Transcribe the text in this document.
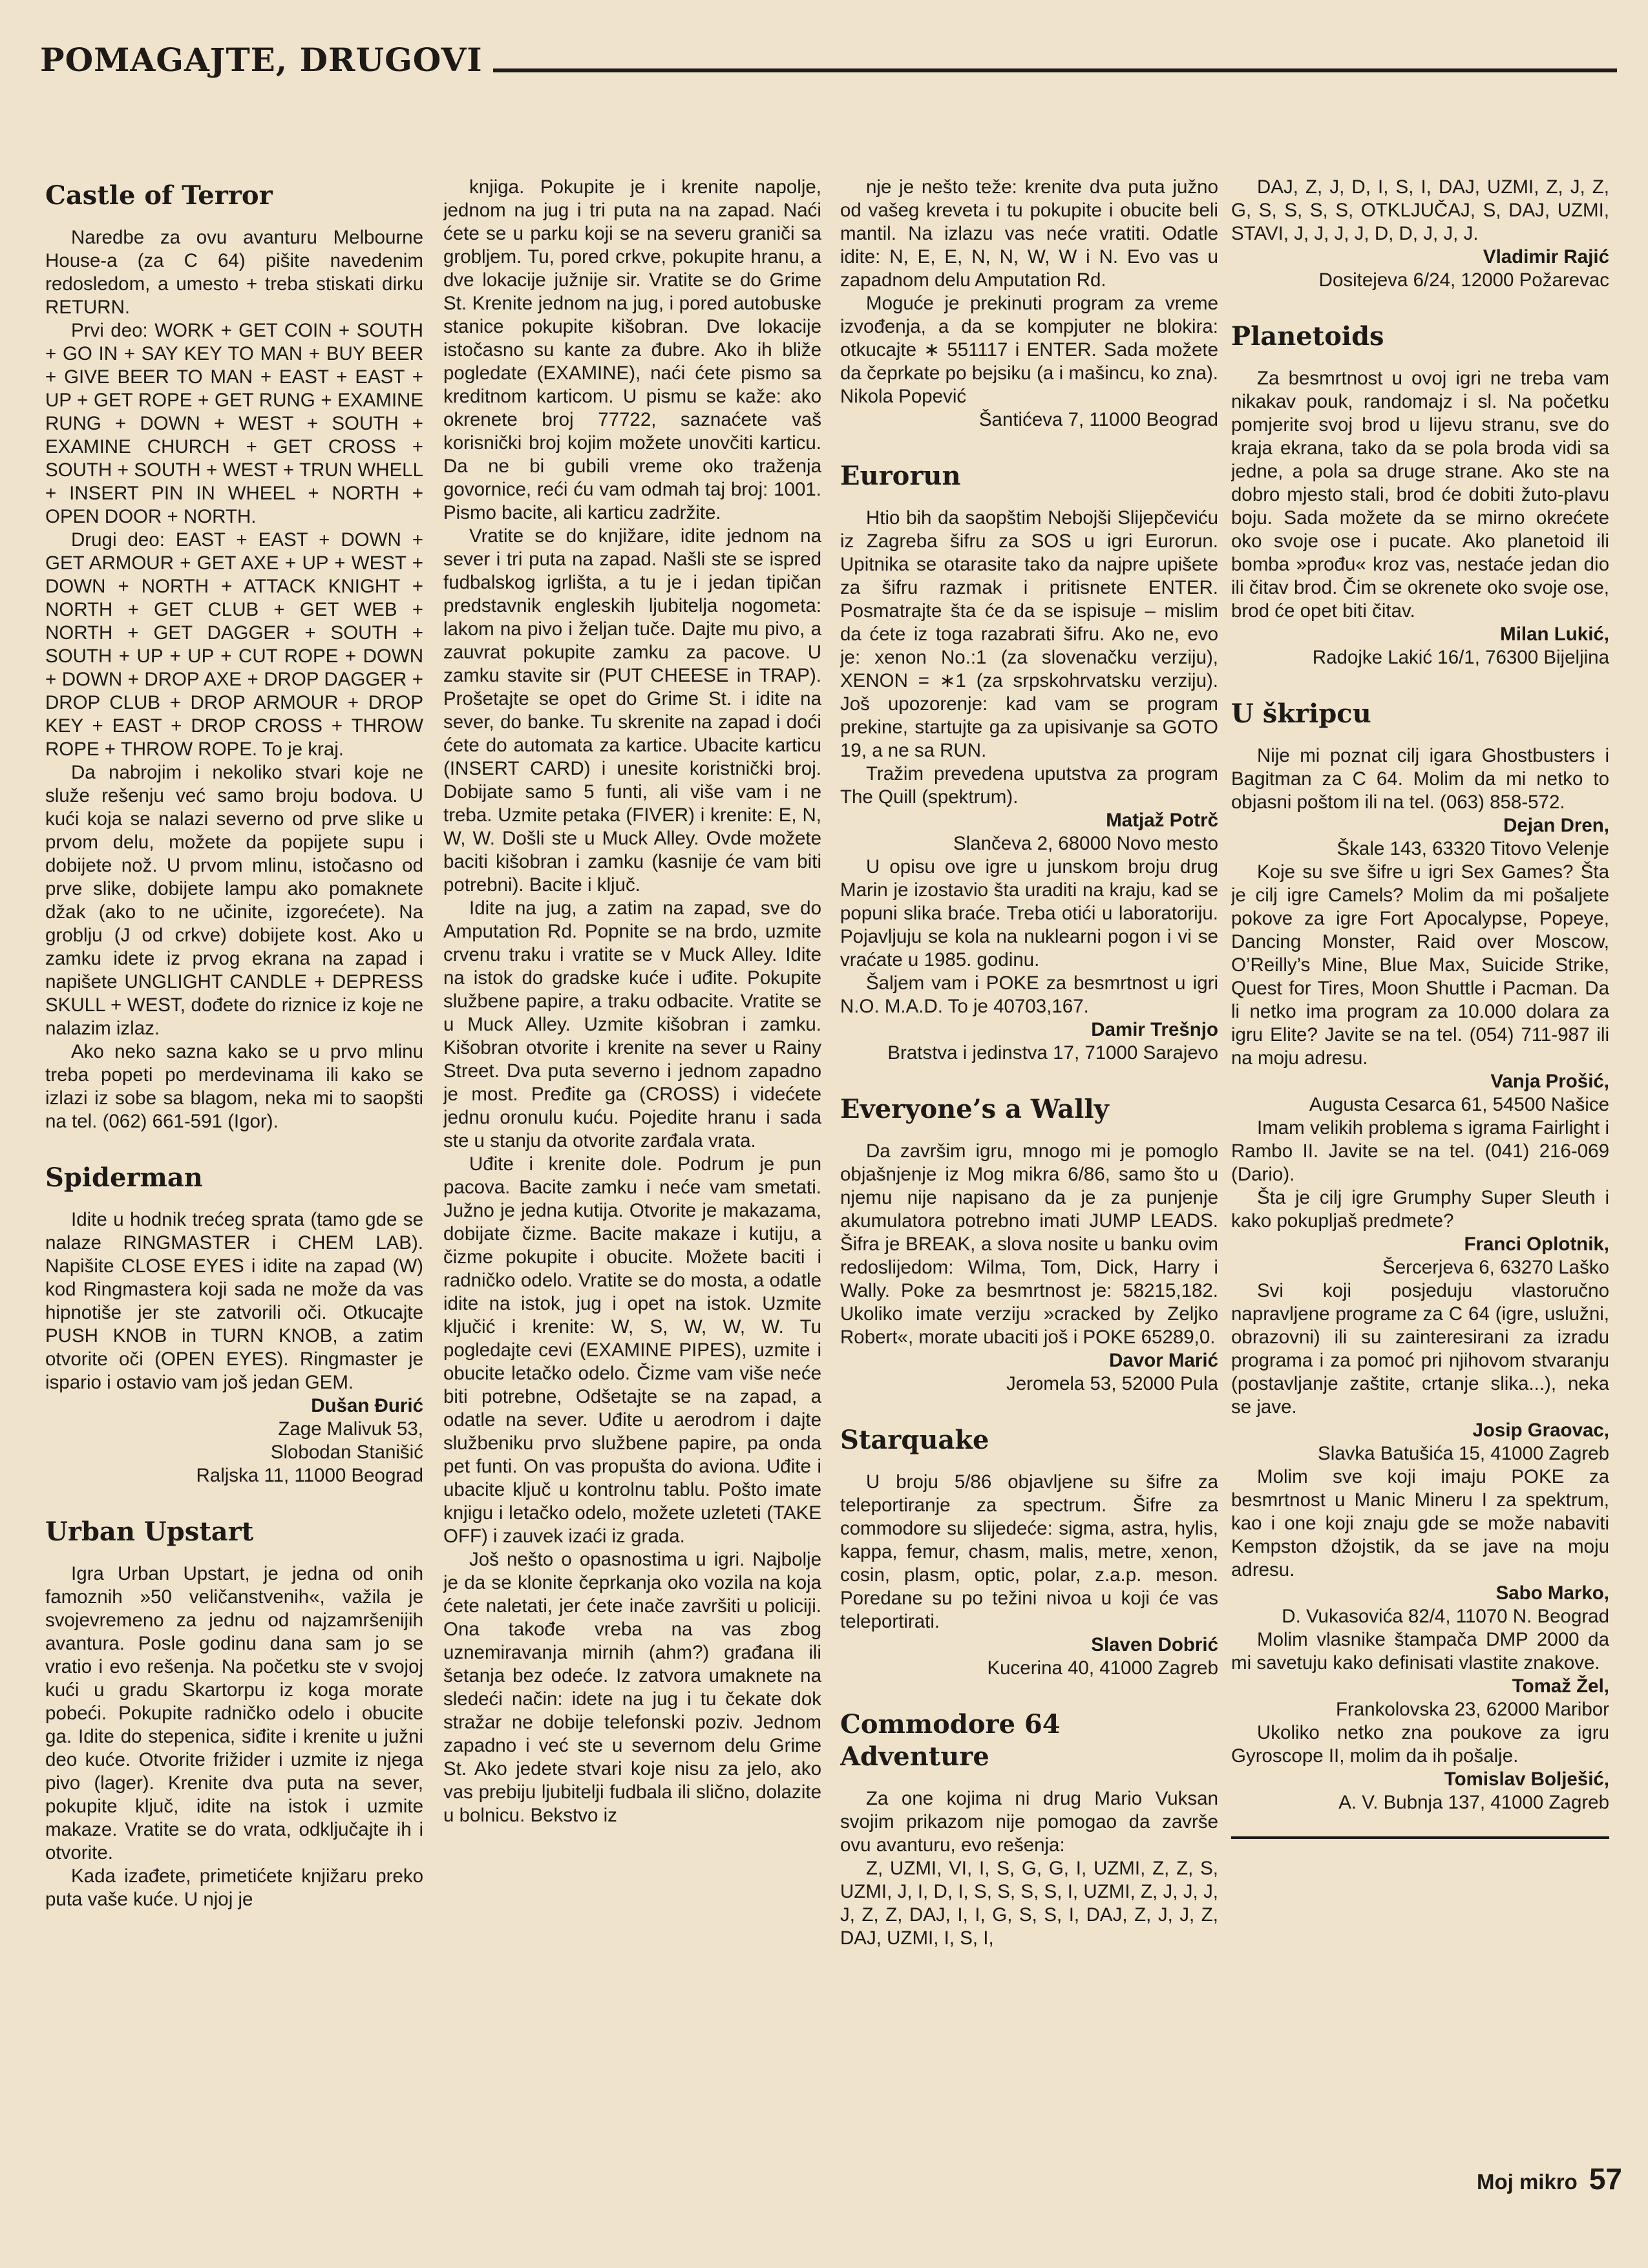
POMAGAJTE, DRUGOVI
Castle of Terror
Naredbe za ovu avanturu Melbourne House-a (za C 64) pišite navedenim redosledom, a umesto + treba stiskati dirku RETURN.
Prvi deo: WORK + GET COIN + SOUTH + GO IN + SAY KEY TO MAN + BUY BEER + GIVE BEER TO MAN + EAST + EAST + UP + GET ROPE + GET RUNG + EXAMINE RUNG + DOWN + WEST + SOUTH + EXAMINE CHURCH + GET CROSS + SOUTH + SOUTH + WEST + TRUN WHELL + INSERT PIN IN WHEEL + NORTH + OPEN DOOR + NORTH.
Drugi deo: EAST + EAST + DOWN + GET ARMOUR + GET AXE + UP + WEST + DOWN + NORTH + ATTACK KNIGHT + NORTH + GET CLUB + GET WEB + NORTH + GET DAGGER + SOUTH + SOUTH + UP + UP + CUT ROPE + DOWN + DOWN + DROP AXE + DROP DAGGER + DROP CLUB + DROP ARMOUR + DROP KEY + EAST + DROP CROSS + THROW ROPE + THROW ROPE. To je kraj.
Da nabrojim i nekoliko stvari koje ne služe rešenju već samo broju bodova. U kući koja se nalazi severno od prve slike u prvom delu, možete da popijete supu i dobijete nož. U prvom mlinu, istočasno od prve slike, dobijete lampu ako pomaknete džak (ako to ne učinite, izgorećete). Na groblju (J od crkve) dobijete kost. Ako u zamku idete iz prvog ekrana na zapad i napišete UNGLIGHT CANDLE + DEPRESS SKULL + WEST, dođete do riznice iz koje ne nalazim izlaz.
Ako neko sazna kako se u prvo mlinu treba popeti po merdevinama ili kako se izlazi iz sobe sa blagom, neka mi to saopšti na tel. (062) 661-591 (Igor).
Spiderman
Idite u hodnik trećeg sprata (tamo gde se nalaze RINGMASTER i CHEM LAB). Napišite CLOSE EYES i idite na zapad (W) kod Ringmastera koji sada ne može da vas hipnotiše jer ste zatvorili oči. Otkucajte PUSH KNOB in TURN KNOB, a zatim otvorite oči (OPEN EYES). Ringmaster je ispario i ostavio vam još jedan GEM.
Dušan Đurić
Zage Malivuk 53,
Slobodan Stanišić
Raljska 11, 11000 Beograd
Urban Upstart
Igra Urban Upstart, je jedna od onih famoznih »50 veličanstvenih«, važila je svojevremeno za jednu od najzamršenijih avantura. Posle godinu dana sam jo se vratio i evo rešenja. Na početku ste v svojoj kući u gradu Skartorpu iz koga morate pobeći. Pokupite radničko odelo i obucite ga. Idite do stepenica, siđite i krenite u južni deo kuće. Otvorite frižider i uzmite iz njega pivo (lager). Krenite dva puta na sever, pokupite ključ, idite na istok i uzmite makaze. Vratite se do vrata, odključajte ih i otvorite.
Kada izađete, primetićete knjižaru preko puta vaše kuće. U njoj je
knjiga. Pokupite je i krenite napolje, jednom na jug i tri puta na na zapad. Naći ćete se u parku koji se na severu graniči sa grobljem. Tu, pored crkve, pokupite hranu, a dve lokacije južnije sir. Vratite se do Grime St. Krenite jednom na jug, i pored autobuske stanice pokupite kišobran. Dve lokacije istočasno su kante za đubre. Ako ih bliže pogledate (EXAMINE), naći ćete pismo sa kreditnom karticom. U pismu se kaže: ako okrenete broj 77722, saznaćete vaš korisnički broj kojim možete unovčiti karticu. Da ne bi gubili vreme oko traženja govornice, reći ću vam odmah taj broj: 1001. Pismo bacite, ali karticu zadržite.
Vratite se do knjižare, idite jednom na sever i tri puta na zapad. Našli ste se ispred fudbalskog igrlišta, a tu je i jedan tipičan predstavnik engleskih ljubitelja nogometa: lakom na pivo i željan tuče. Dajte mu pivo, a zauvrat pokupite zamku za pacove. U zamku stavite sir (PUT CHEESE in TRAP). Prošetajte se opet do Grime St. i idite na sever, do banke. Tu skrenite na zapad i doći ćete do automata za kartice. Ubacite karticu (INSERT CARD) i unesite koristnički broj. Dobijate samo 5 funti, ali više vam i ne treba. Uzmite petaka (FIVER) i krenite: E, N, W, W. Došli ste u Muck Alley. Ovde možete baciti kišobran i zamku (kasnije će vam biti potrebni). Bacite i ključ.
Idite na jug, a zatim na zapad, sve do Amputation Rd. Popnite se na brdo, uzmite crvenu traku i vratite se v Muck Alley. Idite na istok do gradske kuće i uđite. Pokupite službene papire, a traku odbacite. Vratite se u Muck Alley. Uzmite kišobran i zamku. Kišobran otvorite i krenite na sever u Rainy Street. Dva puta severno i jednom zapadno je most. Pređite ga (CROSS) i videćete jednu oronulu kuću. Pojedite hranu i sada ste u stanju da otvorite zarđala vrata.
Uđite i krenite dole. Podrum je pun pacova. Bacite zamku i neće vam smetati. Južno je jedna kutija. Otvorite je makazama, dobijate čizme. Bacite makaze i kutiju, a čizme pokupite i obucite. Možete baciti i radničko odelo. Vratite se do mosta, a odatle idite na istok, jug i opet na istok. Uzmite ključić i krenite: W, S, W, W, W. Tu pogledajte cevi (EXAMINE PIPES), uzmite i obucite letačko odelo. Čizme vam više neće biti potrebne, Odšetajte se na zapad, a odatle na sever. Uđite u aerodrom i dajte službeniku prvo službene papire, pa onda pet funti. On vas propušta do aviona. Uđite i ubacite ključ u kontrolnu tablu. Pošto imate knjigu i letačko odelo, možete uzleteti (TAKE OFF) i zauvek izaći iz grada.
Još nešto o opasnostima u igri. Najbolje je da se klonite čeprkanja oko vozila na koja ćete naletati, jer ćete inače završiti u policiji. Ona takođe vreba na vas zbog uznemiravanja mirnih (ahm?) građana ili šetanja bez odeće. Iz zatvora umaknete na sledeći način: idete na jug i tu čekate dok stražar ne dobije telefonski poziv. Jednom zapadno i već ste u severnom delu Grime St. Ako jedete stvari koje nisu za jelo, ako vas prebiju ljubitelji fudbala ili slično, dolazite u bolnicu. Bekstvo iz
nje je nešto teže: krenite dva puta južno od vašeg kreveta i tu pokupite i obucite beli mantil. Na izlazu vas neće vratiti. Odatle idite: N, E, E, N, N, W, W i N. Evo vas u zapadnom delu Amputation Rd.
Moguće je prekinuti program za vreme izvođenja, a da se kompjuter ne blokira: otkucajte ∗ 551117 i ENTER. Sada možete da čeprkate po bejsiku (a i mašincu, ko zna). Nikola Popević
Šantićeva 7, 11000 Beograd
Eurorun
Htio bih da saopštim Nebojši Slijepčeviću iz Zagreba šifru za SOS u igri Eurorun. Upitnika se otarasite tako da najpre upišete za šifru razmak i pritisnete ENTER. Posmatrajte šta će da se ispisuje – mislim da ćete iz toga razabrati šifru. Ako ne, evo je: xenon No.:1 (za slovenačku verziju), XENON = ∗1 (za srpskohrvatsku verziju). Još upozorenje: kad vam se program prekine, startujte ga za upisivanje sa GOTO 19, a ne sa RUN.
Tražim prevedena uputstva za program The Quill (spektrum).
Matjaž Potrč
Slančeva 2, 68000 Novo mesto
U opisu ove igre u junskom broju drug Marin je izostavio šta uraditi na kraju, kad se popuni slika braće. Treba otići u laboratoriju. Pojavljuju se kola na nuklearni pogon i vi se vraćate u 1985. godinu.
Šaljem vam i POKE za besmrtnost u igri N.O. M.A.D. To je 40703,167.
Damir Trešnjo
Bratstva i jedinstva 17, 71000 Sarajevo
Everyone’s a Wally
Da završim igru, mnogo mi je pomoglo objašnjenje iz Mog mikra 6/86, samo što u njemu nije napisano da je za punjenje akumulatora potrebno imati JUMP LEADS. Šifra je BREAK, a slova nosite u banku ovim redoslijedom: Wilma, Tom, Dick, Harry i Wally. Poke za besmrtnost je: 58215,182. Ukoliko imate verziju »cracked by Zeljko Robert«, morate ubaciti još i POKE 65289,0.
Davor Marić
Jeromela 53, 52000 Pula
Starquake
U broju 5/86 objavljene su šifre za teleportiranje za spectrum. Šifre za commodore su slijedeće: sigma, astra, hylis, kappa, femur, chasm, malis, metre, xenon, cosin, plasm, optic, polar, z.a.p. meson. Poredane su po težini nivoa u koji će vas teleportirati.
Slaven Dobrić
Kucerina 40, 41000 Zagreb
Commodore 64 Adventure
Za one kojima ni drug Mario Vuksan svojim prikazom nije pomogao da završe ovu avanturu, evo rešenja:
Z, UZMI, VI, I, S, G, G, I, UZMI, Z, Z, S, UZMI, J, I, D, I, S, S, S, S, I, UZMI, Z, J, J, J, J, Z, Z, DAJ, I, I, G, S, S, I, DAJ, Z, J, J, Z, DAJ, UZMI, I, S, I,
DAJ, Z, J, D, I, S, I, DAJ, UZMI, Z, J, Z, G, S, S, S, S, OTKLJUČAJ, S, DAJ, UZMI, STAVI, J, J, J, J, D, D, J, J, J.
Vladimir Rajić
Dositejeva 6/24, 12000 Požarevac
Planetoids
Za besmrtnost u ovoj igri ne treba vam nikakav pouk, randomajz i sl. Na početku pomjerite svoj brod u lijevu stranu, sve do kraja ekrana, tako da se pola broda vidi sa jedne, a pola sa druge strane. Ako ste na dobro mjesto stali, brod će dobiti žuto-plavu boju. Sada možete da se mirno okrećete oko svoje ose i pucate. Ako planetoid ili bomba »prođu« kroz vas, nestaće jedan dio ili čitav brod. Čim se okrenete oko svoje ose, brod će opet biti čitav.
Milan Lukić,
Radojke Lakić 16/1, 76300 Bijeljina
U škripcu
Nije mi poznat cilj igara Ghostbusters i Bagitman za C 64. Molim da mi netko to objasni poštom ili na tel. (063) 858-572.
Dejan Dren,
Škale 143, 63320 Titovo Velenje
Koje su sve šifre u igri Sex Games? Šta je cilj igre Camels? Molim da mi pošaljete pokove za igre Fort Apocalypse, Popeye, Dancing Monster, Raid over Moscow, O’Reilly’s Mine, Blue Max, Suicide Strike, Quest for Tires, Moon Shuttle i Pacman. Da li netko ima program za 10.000 dolara za igru Elite? Javite se na tel. (054) 711-987 ili na moju adresu.
Vanja Prošić,
Augusta Cesarca 61, 54500 Našice
Imam velikih problema s igrama Fairlight i Rambo II. Javite se na tel. (041) 216-069 (Dario).
Šta je cilj igre Grumphy Super Sleuth i kako pokupljaš predmete?
Franci Oplotnik,
Šercerjeva 6, 63270 Laško
Svi koji posjeduju vlastoručno napravljene programe za C 64 (igre, uslužni, obrazovni) ili su zainteresirani za izradu programa i za pomoć pri njihovom stvaranju (postavljanje zaštite, crtanje slika...), neka se jave.
Josip Graovac,
Slavka Batušića 15, 41000 Zagreb
Molim sve koji imaju POKE za besmrtnost u Manic Mineru I za spektrum, kao i one koji znaju gde se može nabaviti Kempston džojstik, da se jave na moju adresu.
Sabo Marko,
D. Vukasovića 82/4, 11070 N. Beograd
Molim vlasnike štampača DMP 2000 da mi savetuju kako definisati vlastite znakove.
Tomaž Žel,
Frankolovska 23, 62000 Maribor
Ukoliko netko zna poukove za igru Gyroscope II, molim da ih pošalje.
Tomislav Bolješić,
A. V. Bubnja 137, 41000 Zagreb
Moj mikro 57
